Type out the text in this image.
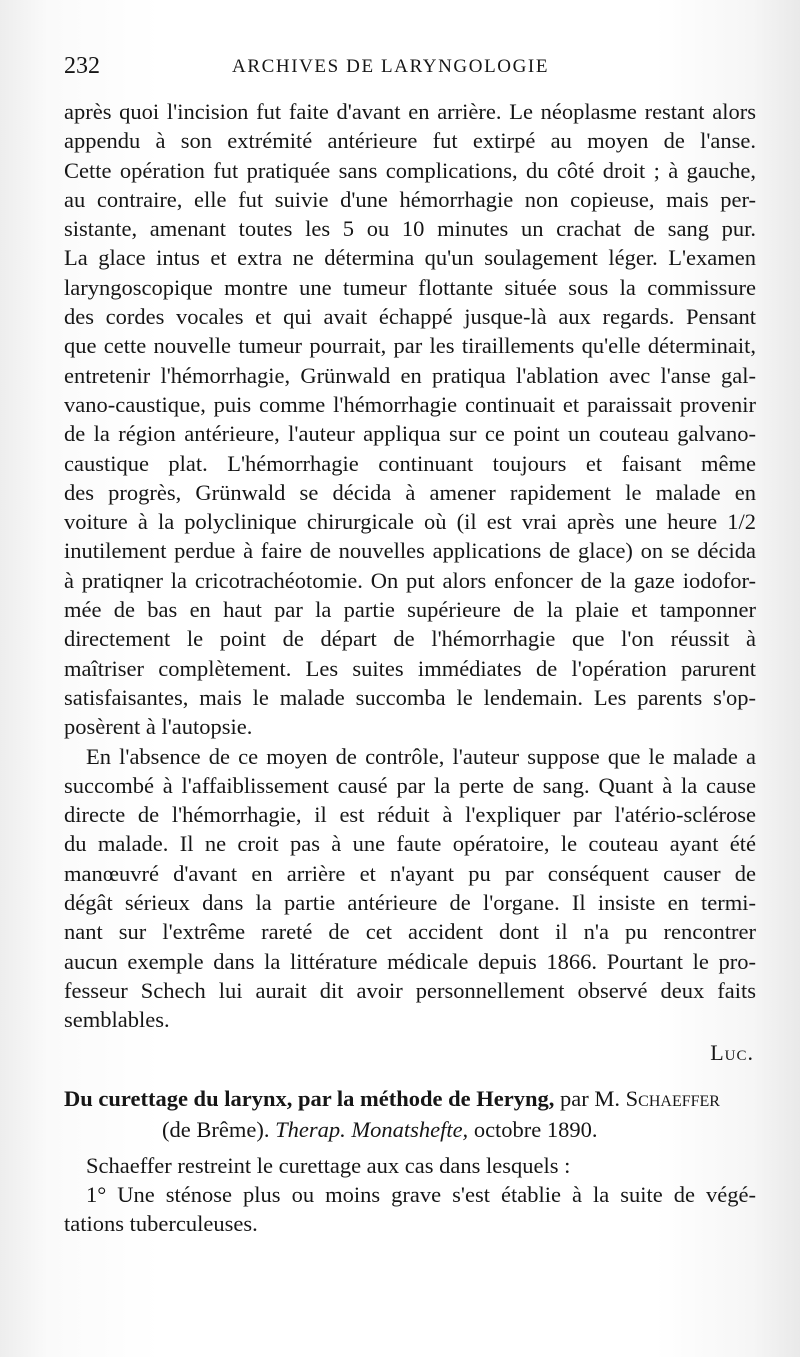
232	ARCHIVES DE LARYNGOLOGIE
après quoi l'incision fut faite d'avant en arrière. Le néoplasme restant alors
appendu à son extrémité antérieure fut extirpé au moyen de l'anse.
Cette opération fut pratiquée sans complications, du côté droit ; à gauche,
au contraire, elle fut suivie d'une hémorrhagie non copieuse, mais per-
sistante, amenant toutes les 5 ou 10 minutes un crachat de sang pur.
La glace intus et extra ne détermina qu'un soulagement léger. L'examen
laryngoscopique montre une tumeur flottante située sous la commissure
des cordes vocales et qui avait échappé jusque-là aux regards. Pensant
que cette nouvelle tumeur pourrait, par les tiraillements qu'elle déterminait,
entretenir l'hémorrhagie, Grünwald en pratiqua l'ablation avec l'anse gal-
vano-caustique, puis comme l'hémorrhagie continuait et paraissait provenir
de la région antérieure, l'auteur appliqua sur ce point un couteau galvano-
caustique plat. L'hémorrhagie continuant toujours et faisant même
des progrès, Grünwald se décida à amener rapidement le malade en
voiture à la polyclinique chirurgicale où (il est vrai après une heure 1/2
inutilement perdue à faire de nouvelles applications de glace) on se décida
à pratiqner la cricotrachéotomie. On put alors enfoncer de la gaze iodofor-
mée de bas en haut par la partie supérieure de la plaie et tamponner
directement le point de départ de l'hémorrhagie que l'on réussit à
maîtriser complètement. Les suites immédiates de l'opération parurent
satisfaisantes, mais le malade succomba le lendemain. Les parents s'op-
posèrent à l'autopsie.
En l'absence de ce moyen de contrôle, l'auteur suppose que le malade a
succombé à l'affaiblissement causé par la perte de sang. Quant à la cause
directe de l'hémorrhagie, il est réduit à l'expliquer par l'atério-sclérose
du malade. Il ne croit pas à une faute opératoire, le couteau ayant été
manœuvré d'avant en arrière et n'ayant pu par conséquent causer de
dégât sérieux dans la partie antérieure de l'organe. Il insiste en termi-
nant sur l'extrême rareté de cet accident dont il n'a pu rencontrer
aucun exemple dans la littérature médicale depuis 1866. Pourtant le pro-
fesseur Schech lui aurait dit avoir personnellement observé deux faits
semblables.
Luc.
Du curettage du larynx, par la méthode de Heryng, par M. Schaeffer
(de Brême). Therap. Monatshefte, octobre 1890.
Schaeffer restreint le curettage aux cas dans lesquels :
1° Une sténose plus ou moins grave s'est établie à la suite de végé-
tations tuberculeuses.
